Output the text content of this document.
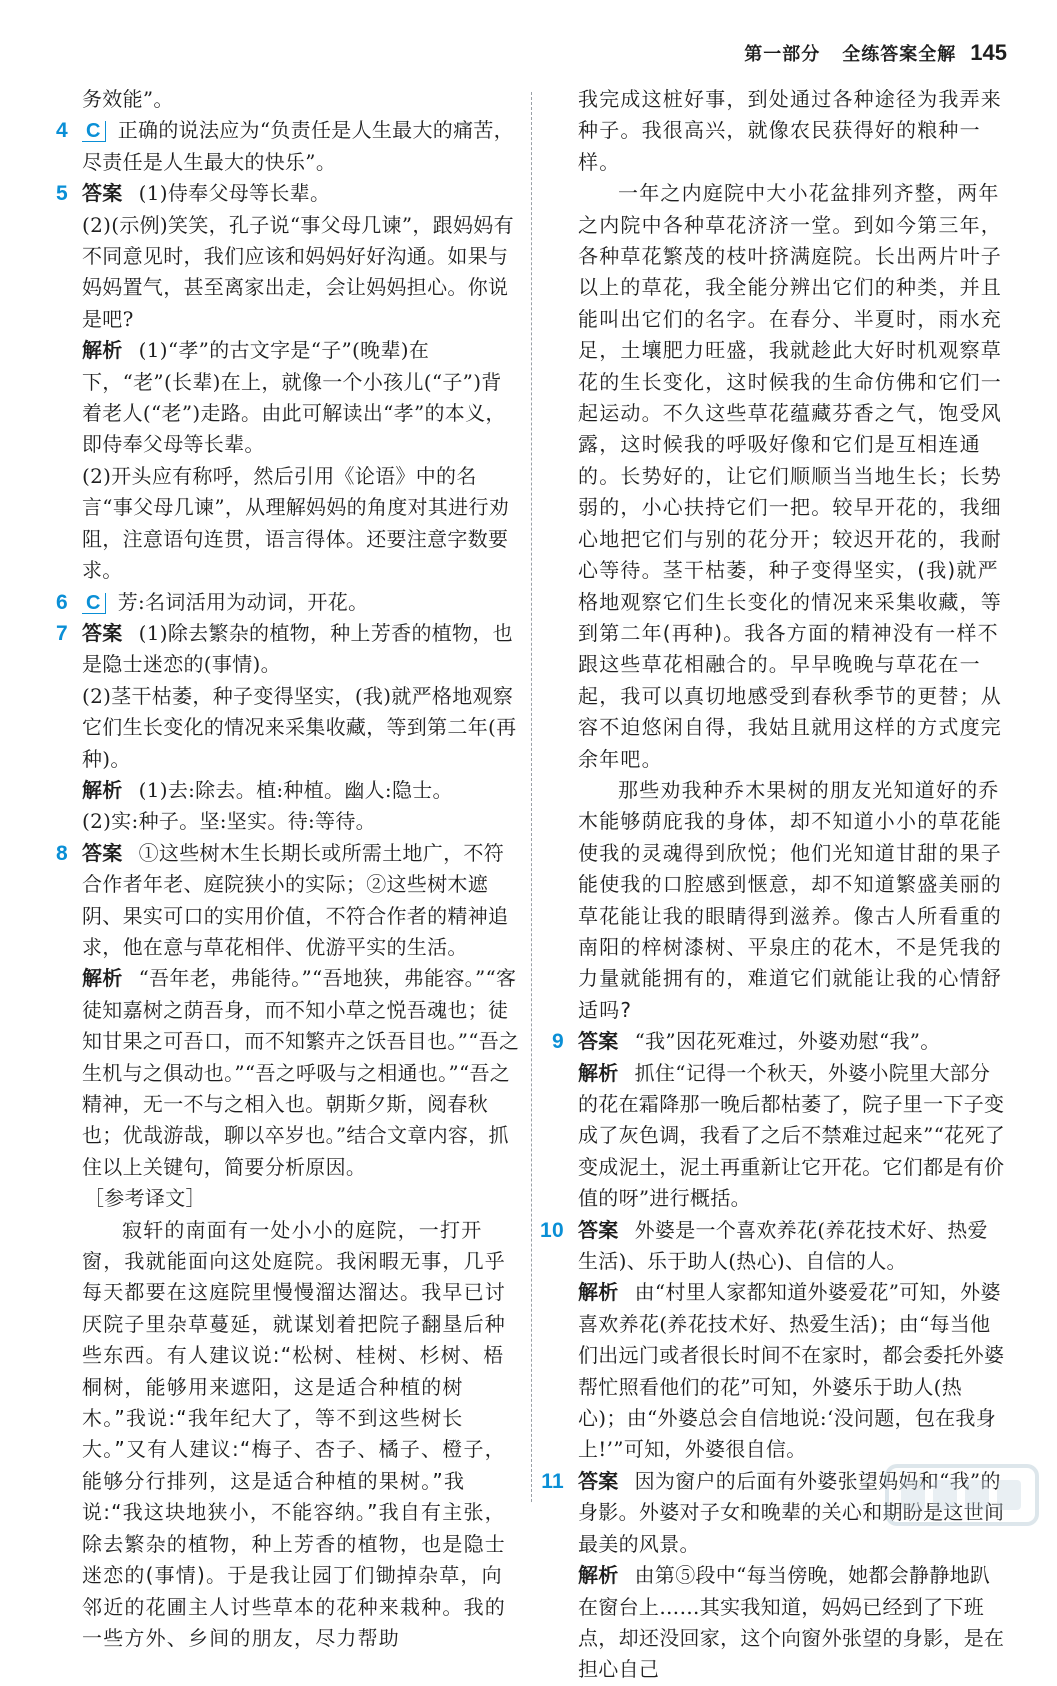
第一部分 全练答案全解 145
务效能”。
4 C 正确的说法应为“负责任是人生最大的痛苦，尽责任是人生最大的快乐”。
5 答案 (1)侍奉父母等长辈。
(2)(示例)笑笑，孔子说“事父母几谏”，跟妈妈有不同意见时，我们应该和妈妈好好沟通。如果与妈妈置气，甚至离家出走，会让妈妈担心。你说是吧?
解析 (1)“孝”的古文字是“子”(晚辈)在下，“老”(长辈)在上，就像一个小孩儿(“子”)背着老人(“老”)走路。由此可解读出“孝”的本义，即侍奉父母等长辈。
(2)开头应有称呼，然后引用《论语》中的名言“事父母几谏”，从理解妈妈的角度对其进行劝阻，注意语句连贯，语言得体。还要注意字数要求。
6 C 芳:名词活用为动词，开花。
7 答案 (1)除去繁杂的植物，种上芳香的植物，也是隐士迷恋的(事情)。
(2)茎干枯萎，种子变得坚实，(我)就严格地观察它们生长变化的情况来采集收藏，等到第二年(再种)。
解析 (1)去:除去。植:种植。幽人:隐士。
(2)实:种子。坚:坚实。待:等待。
8 答案 ①这些树木生长期长或所需土地广，不符合作者年老、庭院狭小的实际；②这些树木遮阴、果实可口的实用价值，不符合作者的精神追求，他在意与草花相伴、优游平实的生活。
解析 “吾年老，弗能待。”“吾地狭，弗能容。”“客徒知嘉树之荫吾身，而不知小草之悦吾魂也；徒知甘果之可吾口，而不知繁卉之饫吾目也。”“吾之生机与之俱动也。”“吾之呼吸与之相通也。”“吾之精神，无一不与之相入也。朝斯夕斯，阅春秋也；优哉游哉，聊以卒岁也。”结合文章内容，抓住以上关键句，简要分析原因。
［参考译文］
寂轩的南面有一处小小的庭院，一打开窗，我就能面向这处庭院。我闲暇无事，几乎每天都要在这庭院里慢慢溜达溜达。我早已讨厌院子里杂草蔓延，就谋划着把院子翻垦后种些东西。有人建议说:“松树、桂树、杉树、梧桐树，能够用来遮阳，这是适合种植的树木。”我说:“我年纪大了，等不到这些树长大。”又有人建议:“梅子、杏子、橘子、橙子，能够分行排列，这是适合种植的果树。”我说:“我这块地狭小，不能容纳。”我自有主张，除去繁杂的植物，种上芳香的植物，也是隐士迷恋的(事情)。于是我让园丁们锄掉杂草，向邻近的花圃主人讨些草本的花种来栽种。我的一些方外、乡间的朋友，尽力帮助
我完成这桩好事，到处通过各种途径为我弄来种子。我很高兴，就像农民获得好的粮种一样。
一年之内庭院中大小花盆排列齐整，两年之内院中各种草花济济一堂。到如今第三年，各种草花繁茂的枝叶挤满庭院。长出两片叶子以上的草花，我全能分辨出它们的种类，并且能叫出它们的名字。在春分、半夏时，雨水充足，土壤肥力旺盛，我就趁此大好时机观察草花的生长变化，这时候我的生命仿佛和它们一起运动。不久这些草花蕴藏芬香之气，饱受风露，这时候我的呼吸好像和它们是互相连通的。长势好的，让它们顺顺当当地生长；长势弱的，小心扶持它们一把。较早开花的，我细心地把它们与别的花分开；较迟开花的，我耐心等待。茎干枯萎，种子变得坚实，(我)就严格地观察它们生长变化的情况来采集收藏，等到第二年(再种)。我各方面的精神没有一样不跟这些草花相融合的。早早晚晚与草花在一起，我可以真切地感受到春秋季节的更替；从容不迫悠闲自得，我姑且就用这样的方式度完余年吧。
那些劝我种乔木果树的朋友光知道好的乔木能够荫庇我的身体，却不知道小小的草花能使我的灵魂得到欣悦；他们光知道甘甜的果子能使我的口腔感到惬意，却不知道繁盛美丽的草花能让我的眼睛得到滋养。像古人所看重的南阳的梓树漆树、平泉庄的花木，不是凭我的力量就能拥有的，难道它们就能让我的心情舒适吗?
9 答案 “我”因花死难过，外婆劝慰“我”。
解析 抓住“记得一个秋天，外婆小院里大部分的花在霜降那一晚后都枯萎了，院子里一下子变成了灰色调，我看了之后不禁难过起来”“花死了变成泥土，泥土再重新让它开花。它们都是有价值的呀”进行概括。
10 答案 外婆是一个喜欢养花(养花技术好、热爱生活)、乐于助人(热心)、自信的人。
解析 由“村里人家都知道外婆爱花”可知，外婆喜欢养花(养花技术好、热爱生活)；由“每当他们出远门或者很长时间不在家时，都会委托外婆帮忙照看他们的花”可知，外婆乐于助人(热心)；由“外婆总会自信地说:‘没问题，包在我身上!’”可知，外婆很自信。
11 答案 因为窗户的后面有外婆张望妈妈和“我”的身影。外婆对子女和晚辈的关心和期盼是这世间最美的风景。
解析 由第⑤段中“每当傍晚，她都会静静地趴在窗台上……其实我知道，妈妈已经到了下班点，却还没回家，这个向窗外张望的身影，是在担心自己
